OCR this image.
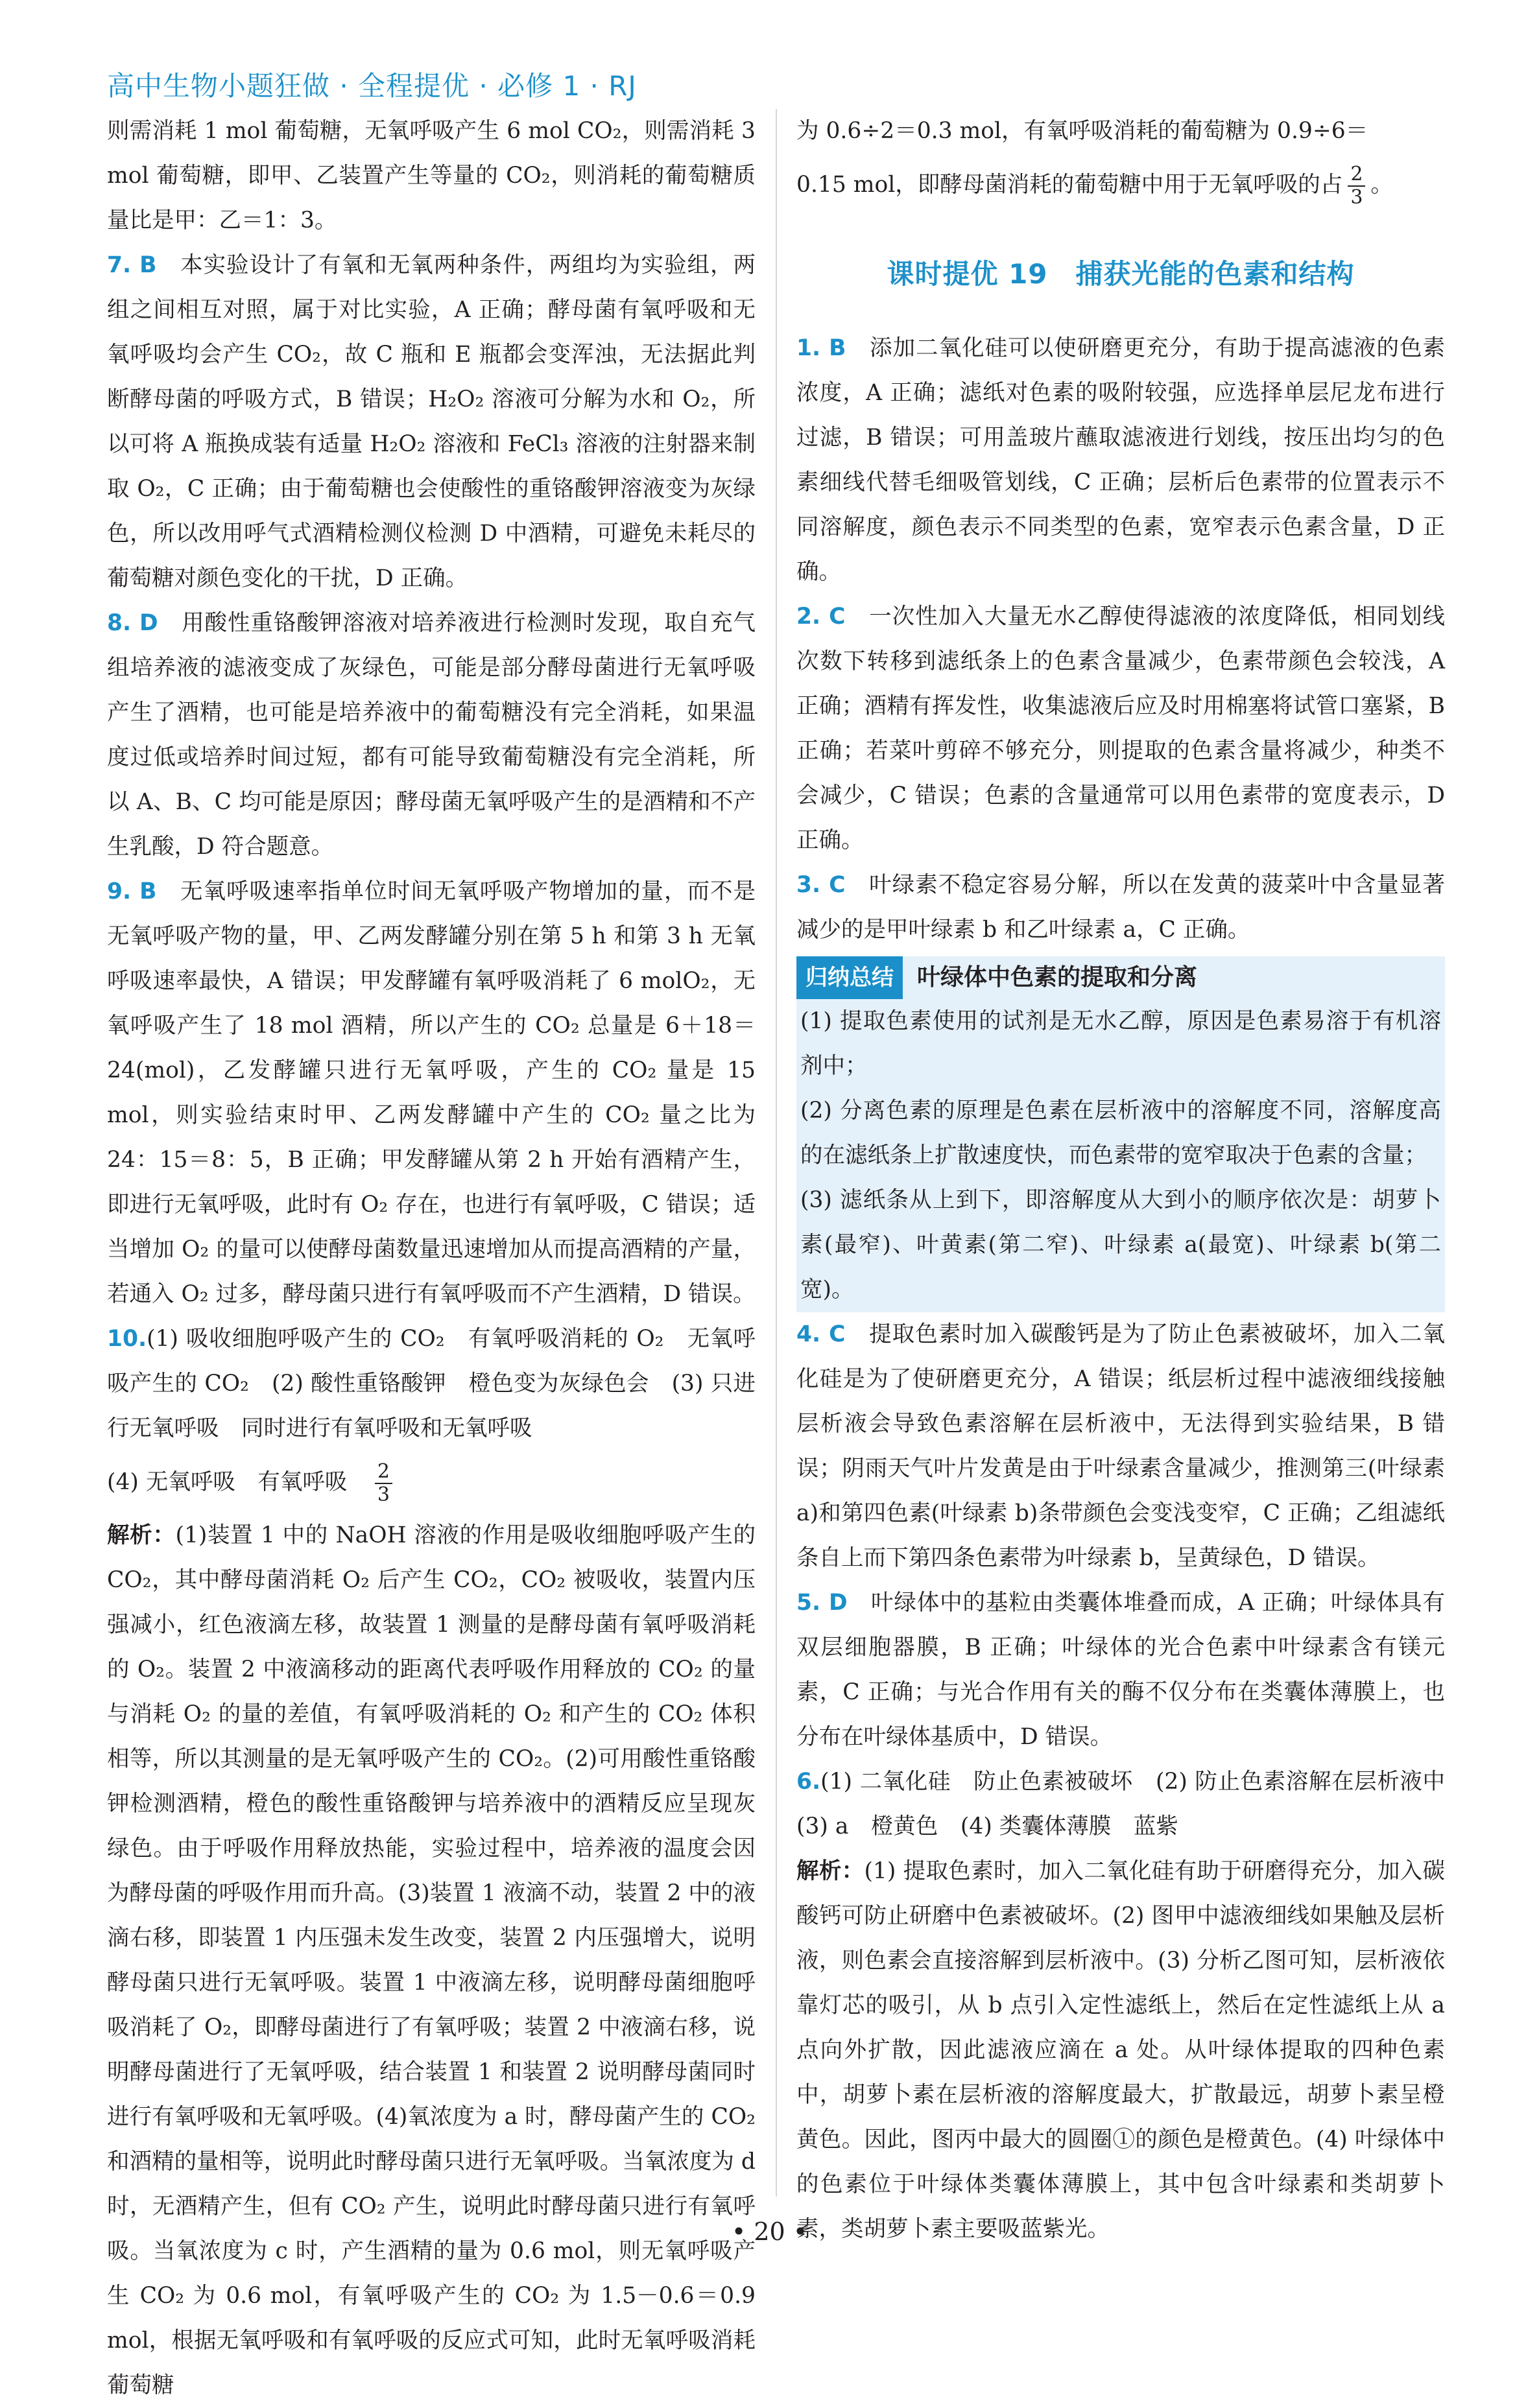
高中生物小题狂做 · 全程提优 · 必修 1 · RJ

则需消耗 1 mol 葡萄糖，无氧呼吸产生 6 mol CO₂，则需消耗 3 mol 葡萄糖，即甲、乙装置产生等量的 CO₂，则消耗的葡萄糖质量比是甲：乙＝1：3。

7. B　 本实验设计了有氧和无氧两种条件，两组均为实验组，两组之间相互对照，属于对比实验，A 正确；酵母菌有氧呼吸和无氧呼吸均会产生 CO₂，故 C 瓶和 E 瓶都会变浑浊，无法据此判断酵母菌的呼吸方式，B 错误；H₂O₂ 溶液可分解为水和 O₂，所以可将 A 瓶换成装有适量 H₂O₂ 溶液和 FeCl₃ 溶液的注射器来制取 O₂，C 正确；由于葡萄糖也会使酸性的重铬酸钾溶液变为灰绿色，所以改用呼气式酒精检测仪检测 D 中酒精，可避免未耗尽的葡萄糖对颜色变化的干扰，D 正确。

8. D　 用酸性重铬酸钾溶液对培养液进行检测时发现，取自充气组培养液的滤液变成了灰绿色，可能是部分酵母菌进行无氧呼吸产生了酒精，也可能是培养液中的葡萄糖没有完全消耗，如果温度过低或培养时间过短，都有可能导致葡萄糖没有完全消耗，所以 A、B、C 均可能是原因；酵母菌无氧呼吸产生的是酒精和不产生乳酸，D 符合题意。

9. B　 无氧呼吸速率指单位时间无氧呼吸产物增加的量，而不是无氧呼吸产物的量，甲、乙两发酵罐分别在第 5 h 和第 3 h 无氧呼吸速率最快，A 错误；甲发酵罐有氧呼吸消耗了 6 molO₂，无氧呼吸产生了 18 mol 酒精，所以产生的 CO₂ 总量是 6＋18＝24(mol)，乙发酵罐只进行无氧呼吸，产生的 CO₂ 量是 15 mol，则实验结束时甲、乙两发酵罐中产生的 CO₂ 量之比为 24：15＝8：5，B 正确；甲发酵罐从第 2 h 开始有酒精产生，即进行无氧呼吸，此时有 O₂ 存在，也进行有氧呼吸，C 错误；适当增加 O₂ 的量可以使酵母菌数量迅速增加从而提高酒精的产量，若通入 O₂ 过多，酵母菌只进行有氧呼吸而不产生酒精，D 错误。

10.(1) 吸收细胞呼吸产生的 CO₂　有氧呼吸消耗的 O₂　无氧呼吸产生的 CO₂　(2) 酸性重铬酸钾　橙色变为灰绿色会　(3) 只进行无氧呼吸　同时进行有氧呼吸和无氧呼吸

(4) 无氧呼吸　有氧呼吸　 $\frac{2}{3}$

解析：(1)装置 1 中的 NaOH 溶液的作用是吸收细胞呼吸产生的 CO₂，其中酵母菌消耗 O₂ 后产生 CO₂，CO₂ 被吸收，装置内压强减小，红色液滴左移，故装置 1 测量的是酵母菌有氧呼吸消耗的 O₂。装置 2 中液滴移动的距离代表呼吸作用释放的 CO₂ 的量与消耗 O₂ 的量的差值，有氧呼吸消耗的 O₂ 和产生的 CO₂ 体积相等，所以其测量的是无氧呼吸产生的 CO₂。(2)可用酸性重铬酸钾检测酒精，橙色的酸性重铬酸钾与培养液中的酒精反应呈现灰绿色。由于呼吸作用释放热能，实验过程中，培养液的温度会因为酵母菌的呼吸作用而升高。(3)装置 1 液滴不动，装置 2 中的液滴右移，即装置 1 内压强未发生改变，装置 2 内压强增大，说明酵母菌只进行无氧呼吸。装置 1 中液滴左移，说明酵母菌细胞呼吸消耗了 O₂，即酵母菌进行了有氧呼吸；装置 2 中液滴右移，说明酵母菌进行了无氧呼吸，结合装置 1 和装置 2 说明酵母菌同时进行有氧呼吸和无氧呼吸。(4)氧浓度为 a 时，酵母菌产生的 CO₂ 和酒精的量相等，说明此时酵母菌只进行无氧呼吸。当氧浓度为 d 时，无酒精产生，但有 CO₂ 产生，说明此时酵母菌只进行有氧呼吸。当氧浓度为 c 时，产生酒精的量为 0.6 mol，则无氧呼吸产生 CO₂ 为 0.6 mol，有氧呼吸产生的 CO₂ 为 1.5－0.6＝0.9 mol，根据无氧呼吸和有氧呼吸的反应式可知，此时无氧呼吸消耗葡萄糖

为 0.6÷2＝0.3 mol，有氧呼吸消耗的葡萄糖为 0.9÷6＝

0.15 mol，即酵母菌消耗的葡萄糖中用于无氧呼吸的占 $\frac{2}{3}$ 。

课时提优 19　捕获光能的色素和结构

1. B　 添加二氧化硅可以使研磨更充分，有助于提高滤液的色素浓度，A 正确；滤纸对色素的吸附较强，应选择单层尼龙布进行过滤，B 错误；可用盖玻片蘸取滤液进行划线，按压出均匀的色素细线代替毛细吸管划线，C 正确；层析后色素带的位置表示不同溶解度，颜色表示不同类型的色素，宽窄表示色素含量，D 正确。

2. C　 一次性加入大量无水乙醇使得滤液的浓度降低，相同划线次数下转移到滤纸条上的色素含量减少，色素带颜色会较浅，A 正确；酒精有挥发性，收集滤液后应及时用棉塞将试管口塞紧，B 正确；若菜叶剪碎不够充分，则提取的色素含量将减少，种类不会减少，C 错误；色素的含量通常可以用色素带的宽度表示，D 正确。

3. C　 叶绿素不稳定容易分解，所以在发黄的菠菜叶中含量显著减少的是甲叶绿素 b 和乙叶绿素 a，C 正确。

归纳总结	叶绿体中色素的提取和分离

(1) 提取色素使用的试剂是无水乙醇，原因是色素易溶于有机溶剂中；

(2) 分离色素的原理是色素在层析液中的溶解度不同，溶解度高的在滤纸条上扩散速度快，而色素带的宽窄取决于色素的含量；

(3) 滤纸条从上到下，即溶解度从大到小的顺序依次是：胡萝卜素(最窄)、叶黄素(第二窄)、叶绿素 a(最宽)、叶绿素 b(第二宽)。

4. C　 提取色素时加入碳酸钙是为了防止色素被破坏，加入二氧化硅是为了使研磨更充分，A 错误；纸层析过程中滤液细线接触层析液会导致色素溶解在层析液中，无法得到实验结果，B 错误；阴雨天气叶片发黄是由于叶绿素含量减少，推测第三(叶绿素 a)和第四色素(叶绿素 b)条带颜色会变浅变窄，C 正确；乙组滤纸条自上而下第四条色素带为叶绿素 b，呈黄绿色，D 错误。

5. D　 叶绿体中的基粒由类囊体堆叠而成，A 正确；叶绿体具有双层细胞器膜，B 正确；叶绿体的光合色素中叶绿素含有镁元素，C 正确；与光合作用有关的酶不仅分布在类囊体薄膜上，也分布在叶绿体基质中，D 错误。

6.(1) 二氧化硅　防止色素被破坏　(2) 防止色素溶解在层析液中　(3) a　橙黄色　(4) 类囊体薄膜　蓝紫

解析：(1) 提取色素时，加入二氧化硅有助于研磨得充分，加入碳酸钙可防止研磨中色素被破坏。(2) 图甲中滤液细线如果触及层析液，则色素会直接溶解到层析液中。(3) 分析乙图可知，层析液依靠灯芯的吸引，从 b 点引入定性滤纸上，然后在定性滤纸上从 a 点向外扩散，因此滤液应滴在 a 处。从叶绿体提取的四种色素中，胡萝卜素在层析液的溶解度最大，扩散最远，胡萝卜素呈橙黄色。因此，图丙中最大的圆圈①的颜色是橙黄色。(4) 叶绿体中的色素位于叶绿体类囊体薄膜上，其中包含叶绿素和类胡萝卜素，类胡萝卜素主要吸蓝紫光。

• 20 •
